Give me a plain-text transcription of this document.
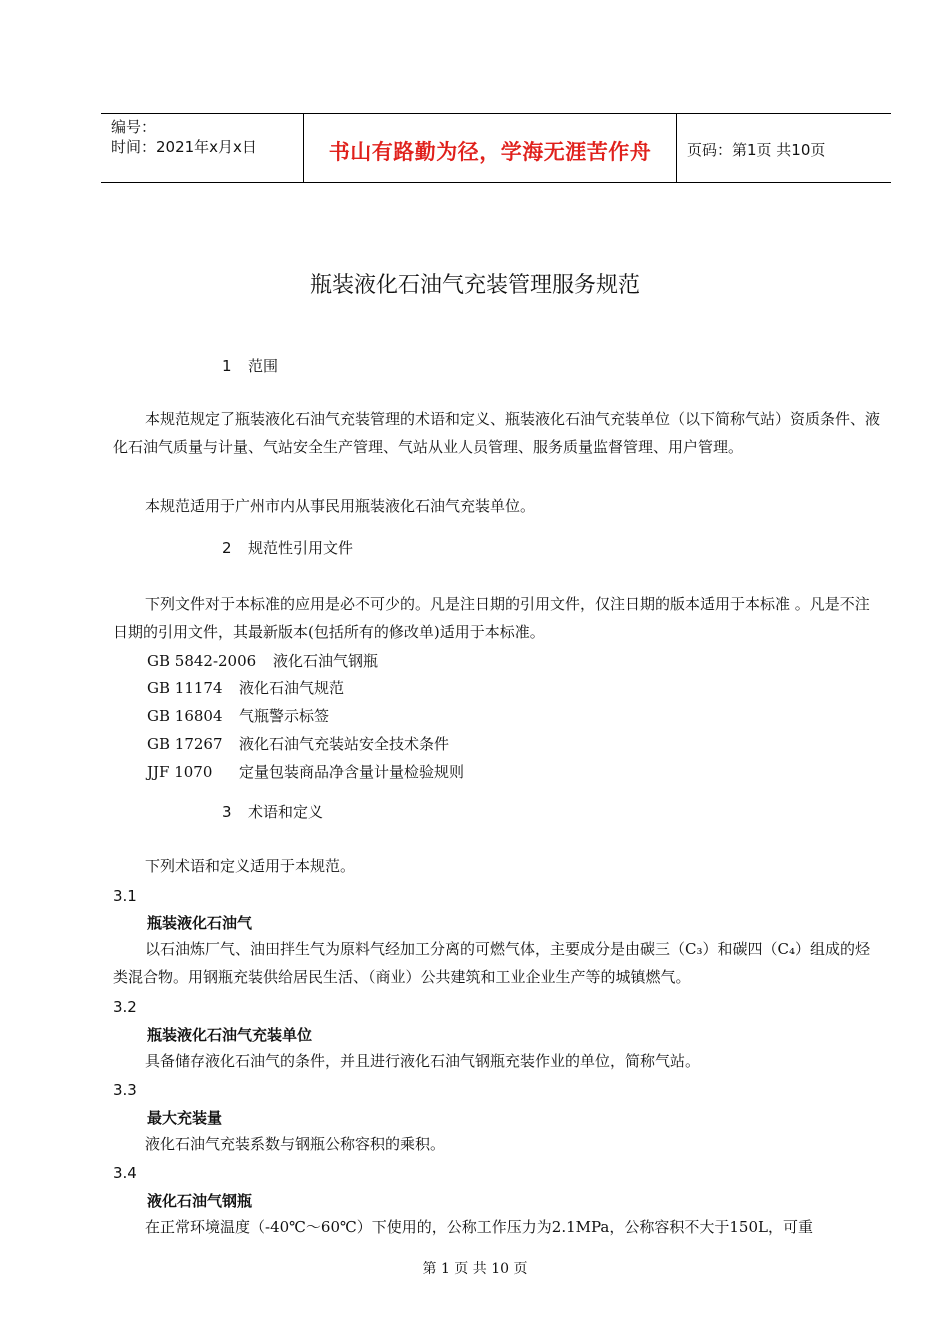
编号：
时间：2021年x月x日	书山有路勤为径，学海无涯苦作舟	页码：第1页 共10页
瓶装液化石油气充装管理服务规范
1 范围

本规范规定了瓶装液化石油气充装管理的术语和定义、瓶装液化石油气充装单位（以下简称气站）资质条件、液化石油气质量与计量、气站安全生产管理、气站从业人员管理、服务质量监督管理、用户管理。

本规范适用于广州市内从事民用瓶装液化石油气充装单位。

2 规范性引用文件

下列文件对于本标准的应用是必不可少的。凡是注日期的引用文件，仅注日期的版本适用于本标准 。凡是不注日期的引用文件，其最新版本(包括所有的修改单)适用于本标准。

GB 5842-2006 液化石油气钢瓶
GB 11174 液化石油气规范
GB 16804 气瓶警示标签
GB 17267 液化石油气充装站安全技术条件
JJF 1070 定量包装商品净含量计量检验规则
3 术语和定义

下列术语和定义适用于本规范。

3.1
瓶装液化石油气

以石油炼厂气、油田拌生气为原料气经加工分离的可燃气体，主要成分是由碳三（C₃）和碳四（C₄）组成的烃类混合物。用钢瓶充装供给居民生活、（商业）公共建筑和工业企业生产等的城镇燃气。

3.2
瓶装液化石油气充装单位

具备储存液化石油气的条件，并且进行液化石油气钢瓶充装作业的单位，简称气站。

3.3
最大充装量

液化石油气充装系数与钢瓶公称容积的乘积。

3.4
液化石油气钢瓶

在正常环境温度（-40℃～60℃）下使用的，公称工作压力为2.1MPa，公称容积不大于150L，可重

第 1 页 共 10 页
